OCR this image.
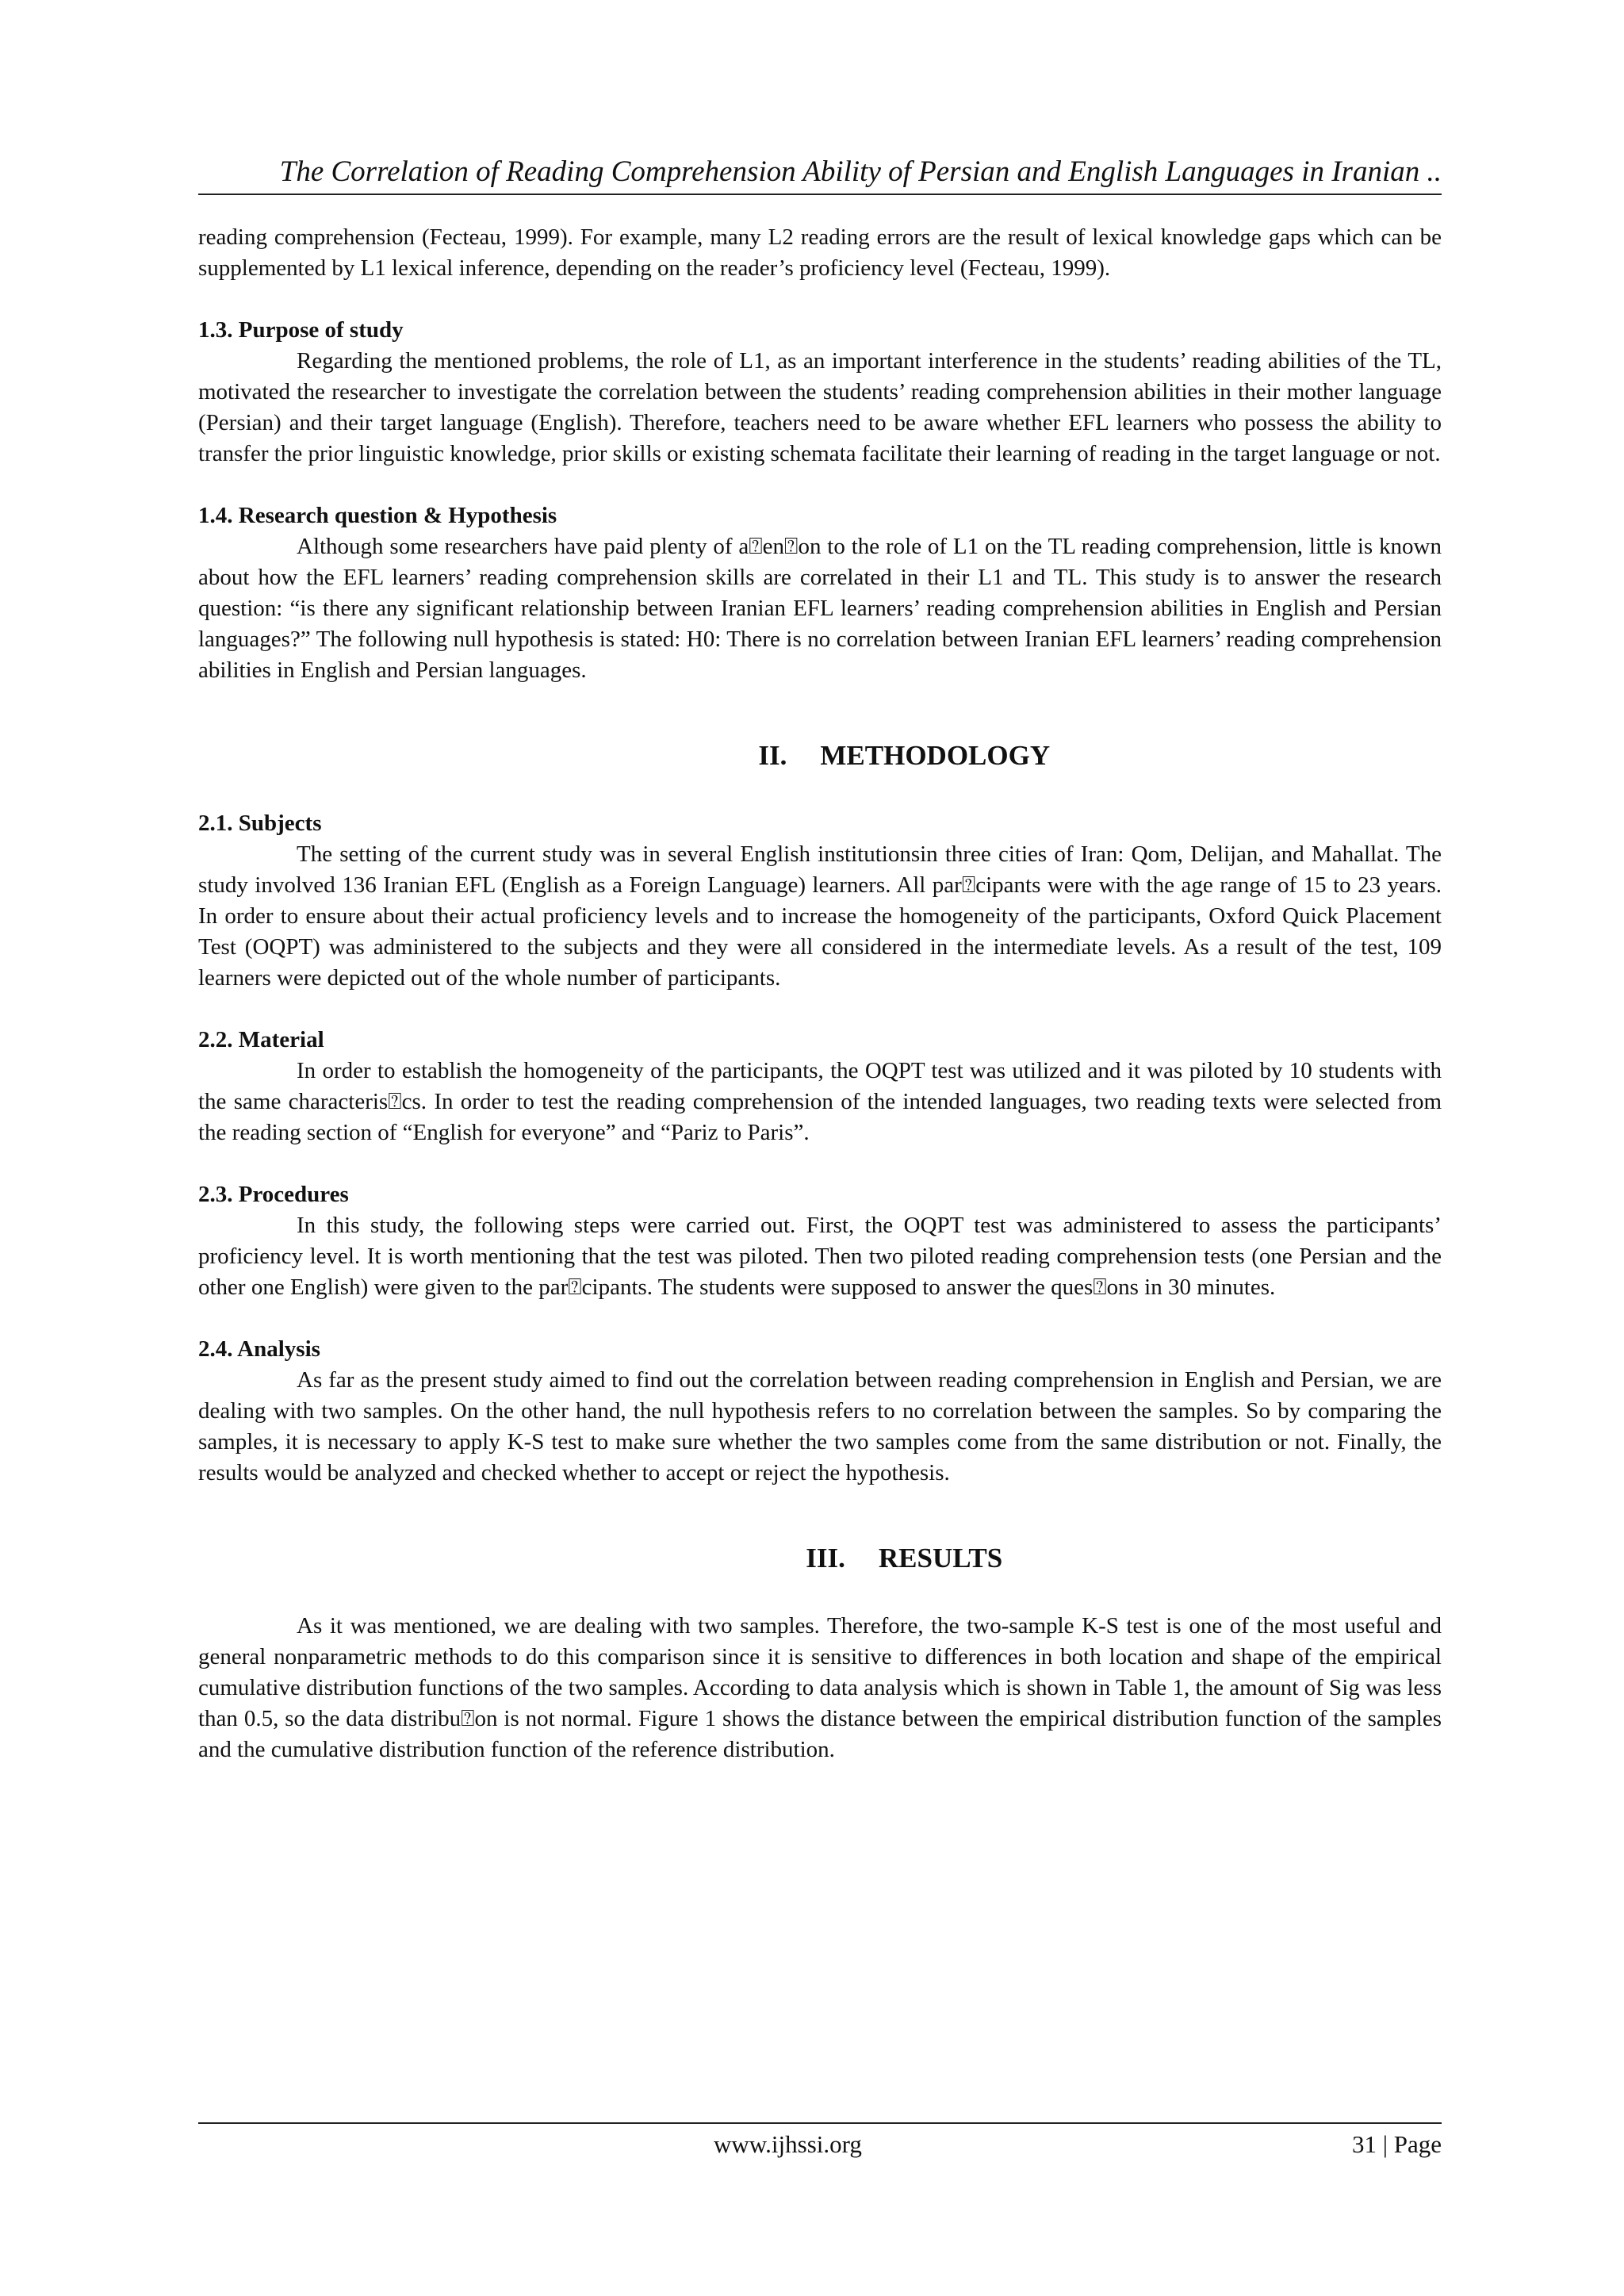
The Correlation of Reading Comprehension Ability of Persian and English Languages in Iranian ..

reading comprehension (Fecteau, 1999). For example, many L2 reading errors are the result of lexical knowledge gaps which can be supplemented by L1 lexical inference, depending on the reader’s proficiency level (Fecteau, 1999).

1.3. Purpose of study

Regarding the mentioned problems, the role of L1, as an important interference in the students’ reading abilities of the TL, motivated the researcher to investigate the correlation between the students’ reading comprehension abilities in their mother language (Persian) and their target language (English). Therefore, teachers need to be aware whether EFL learners who possess the ability to transfer the prior linguistic knowledge, prior skills or existing schemata facilitate their learning of reading in the target language or not.

1.4. Research question & Hypothesis

Although some researchers have paid plenty of a⍰en⍰on to the role of L1 on the TL reading comprehension, little is known about how the EFL learners’ reading comprehension skills are correlated in their L1 and TL. This study is to answer the research question: “is there any significant relationship between Iranian EFL learners’ reading comprehension abilities in English and Persian languages?” The following null hypothesis is stated: H0: There is no correlation between Iranian EFL learners’ reading comprehension abilities in English and Persian languages.

II. METHODOLOGY

2.1. Subjects

The setting of the current study was in several English institutionsin three cities of Iran: Qom, Delijan, and Mahallat. The study involved 136 Iranian EFL (English as a Foreign Language) learners. All par⍰cipants were with the age range of 15 to 23 years. In order to ensure about their actual proficiency levels and to increase the homogeneity of the participants, Oxford Quick Placement Test (OQPT) was administered to the subjects and they were all considered in the intermediate levels. As a result of the test, 109 learners were depicted out of the whole number of participants.

2.2. Material

In order to establish the homogeneity of the participants, the OQPT test was utilized and it was piloted by 10 students with the same characteris⍰cs. In order to test the reading comprehension of the intended languages, two reading texts were selected from the reading section of “English for everyone” and “Pariz to Paris”.

2.3. Procedures

In this study, the following steps were carried out. First, the OQPT test was administered to assess the participants’ proficiency level. It is worth mentioning that the test was piloted. Then two piloted reading comprehension tests (one Persian and the other one English) were given to the par⍰cipants. The students were supposed to answer the ques⍰ons in 30 minutes.

2.4. Analysis

As far as the present study aimed to find out the correlation between reading comprehension in English and Persian, we are dealing with two samples. On the other hand, the null hypothesis refers to no correlation between the samples. So by comparing the samples, it is necessary to apply K-S test to make sure whether the two samples come from the same distribution or not. Finally, the results would be analyzed and checked whether to accept or reject the hypothesis.

III. RESULTS

As it was mentioned, we are dealing with two samples. Therefore, the two-sample K-S test is one of the most useful and general nonparametric methods to do this comparison since it is sensitive to differences in both location and shape of the empirical cumulative distribution functions of the two samples. According to data analysis which is shown in Table 1, the amount of Sig was less than 0.5, so the data distribu⍰on is not normal. Figure 1 shows the distance between the empirical distribution function of the samples and the cumulative distribution function of the reference distribution.

www.ijhssi.org	31 | Page
